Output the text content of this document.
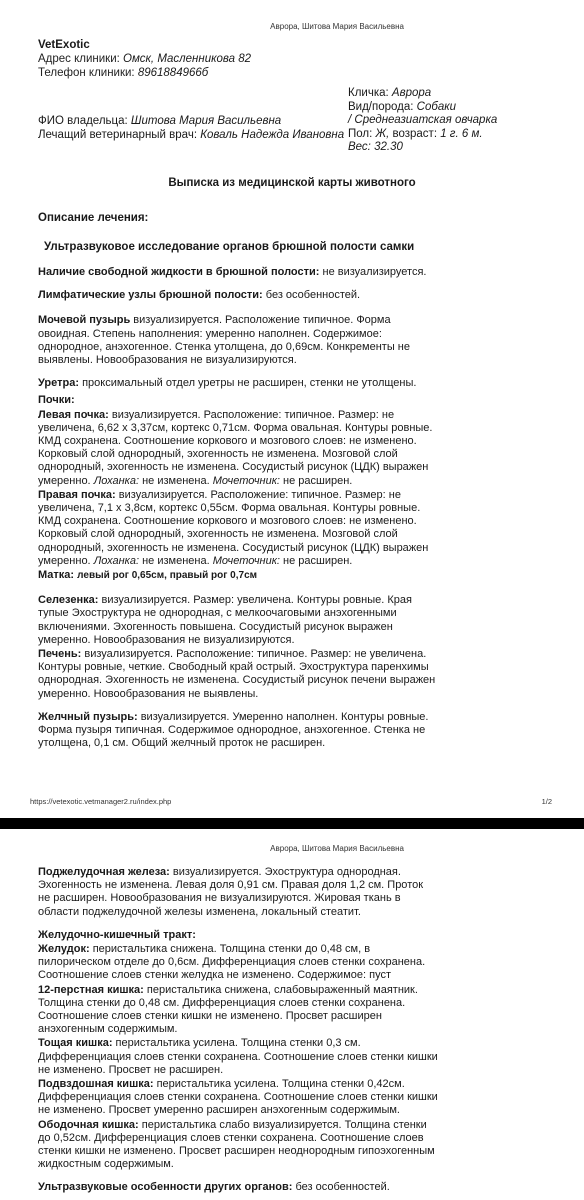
Аврора, Шитова Мария Васильевна
VetExotic
Адрес клиники: Омск, Масленникова 82
Телефон клиники: 8961884966б
Кличка: Аврора
Вид/порода: Собаки
/ Среднеазиатская овчарка
Пол: Ж, возраст: 1 г. 6 м.
Вес: 32.30
ФИО владельца: Шитова Мария Васильевна
Лечащий ветеринарный врач: Коваль Надежда Ивановна
Выписка из медицинской карты животного
Описание лечения:
Ультразвуковое исследование органов брюшной полости самки

Наличие свободной жидкости в брюшной полости: не визуализируется.

Лимфатические узлы брюшной полости: без особенностей.

Мочевой пузырь визуализируется. Расположение типичное. Форма овоидная. Степень наполнения: умеренно наполнен. Содержимое: однородное, анэхогенное. Стенка утолщена, до 0,69см. Конкременты не выявлены. Новообразования не визуализируются.

Уретра: проксимальный отдел уретры не расширен, стенки не утолщены.

Почки:

Левая почка: визуализируется. Расположение: типичное. Размер: не увеличена, 6,62 х 3,37см, кортекс 0,71см. Форма овальная. Контуры ровные. КМД сохранена. Соотношение коркового и мозгового слоев: не изменено. Корковый слой однородный, эхогенность не изменена. Мозговой слой однородный, эхогенность не изменена. Сосудистый рисунок (ЦДК) выражен умеренно. Лоханка: не изменена. Мочеточник: не расширен.

Правая почка: визуализируется. Расположение: типичное. Размер: не увеличена, 7,1 х 3,8см, кортекс 0,55см. Форма овальная. Контуры ровные. КМД сохранена. Соотношение коркового и мозгового слоев: не изменено. Корковый слой однородный, эхогенность не изменена. Мозговой слой однородный, эхогенность не изменена. Сосудистый рисунок (ЦДК) выражен умеренно. Лоханка: не изменена. Мочеточник: не расширен.

Матка: левый рог 0,65см, правый рог 0,7см

Селезенка: визуализируется. Размер: увеличена. Контуры ровные. Края тупые Эхоструктура не однородная, с мелкоочаговыми анэхогенными включениями. Эхогенность повышена. Сосудистый рисунок выражен умеренно. Новообразования не визуализируются.

Печень: визуализируется. Расположение: типичное. Размер: не увеличена. Контуры ровные, четкие. Свободный край острый. Эхоструктура паренхимы однородная. Эхогенность не изменена. Сосудистый рисунок печени выражен умеренно. Новообразования не выявлены.

Желчный пузырь: визуализируется. Умеренно наполнен. Контуры ровные. Форма пузыря типичная. Содержимое однородное, анэхогенное. Стенка не утолщена, 0,1 см. Общий желчный проток не расширен.

https://vetexotic.vetmanager2.ru/index.php	1/2
Аврора, Шитова Мария Васильевна

Поджелудочная железа: визуализируется. Эхоструктура однородная. Эхогенность не изменена. Левая доля 0,91 см. Правая доля 1,2 см. Проток не расширен. Новообразования не визуализируются. Жировая ткань в области поджелудочной железы изменена, локальный стеатит.

Желудочно-кишечный тракт:

Желудок: перистальтика снижена. Толщина стенки до 0,48 см, в пилорическом отделе до 0,6см. Дифференциация слоев стенки сохранена. Соотношение слоев стенки желудка не изменено. Содержимое: пуст

12-перстная кишка: перистальтика снижена, слабовыраженный маятник. Толщина стенки до 0,48 см. Дифференциация слоев стенки сохранена. Соотношение слоев стенки кишки не изменено. Просвет расширен анэхогенным содержимым.

Тощая кишка: перистальтика усилена. Толщина стенки 0,3 см. Дифференциация слоев стенки сохранена. Соотношение слоев стенки кишки не изменено. Просвет не расширен.

Подвздошная кишка: перистальтика усилена. Толщина стенки 0,42см. Дифференциация слоев стенки сохранена. Соотношение слоев стенки кишки не изменено. Просвет умеренно расширен анэхогенным содержимым.

Ободочная кишка: перистальтика слабо визуализируется. Толщина стенки до 0,52см. Дифференциация слоев стенки сохранена. Соотношение слоев стенки кишки не изменено. Просвет расширен неоднородным гипоэхогенным жидкостным содержимым.

Ультразвуковые особенности других органов: без особенностей.
